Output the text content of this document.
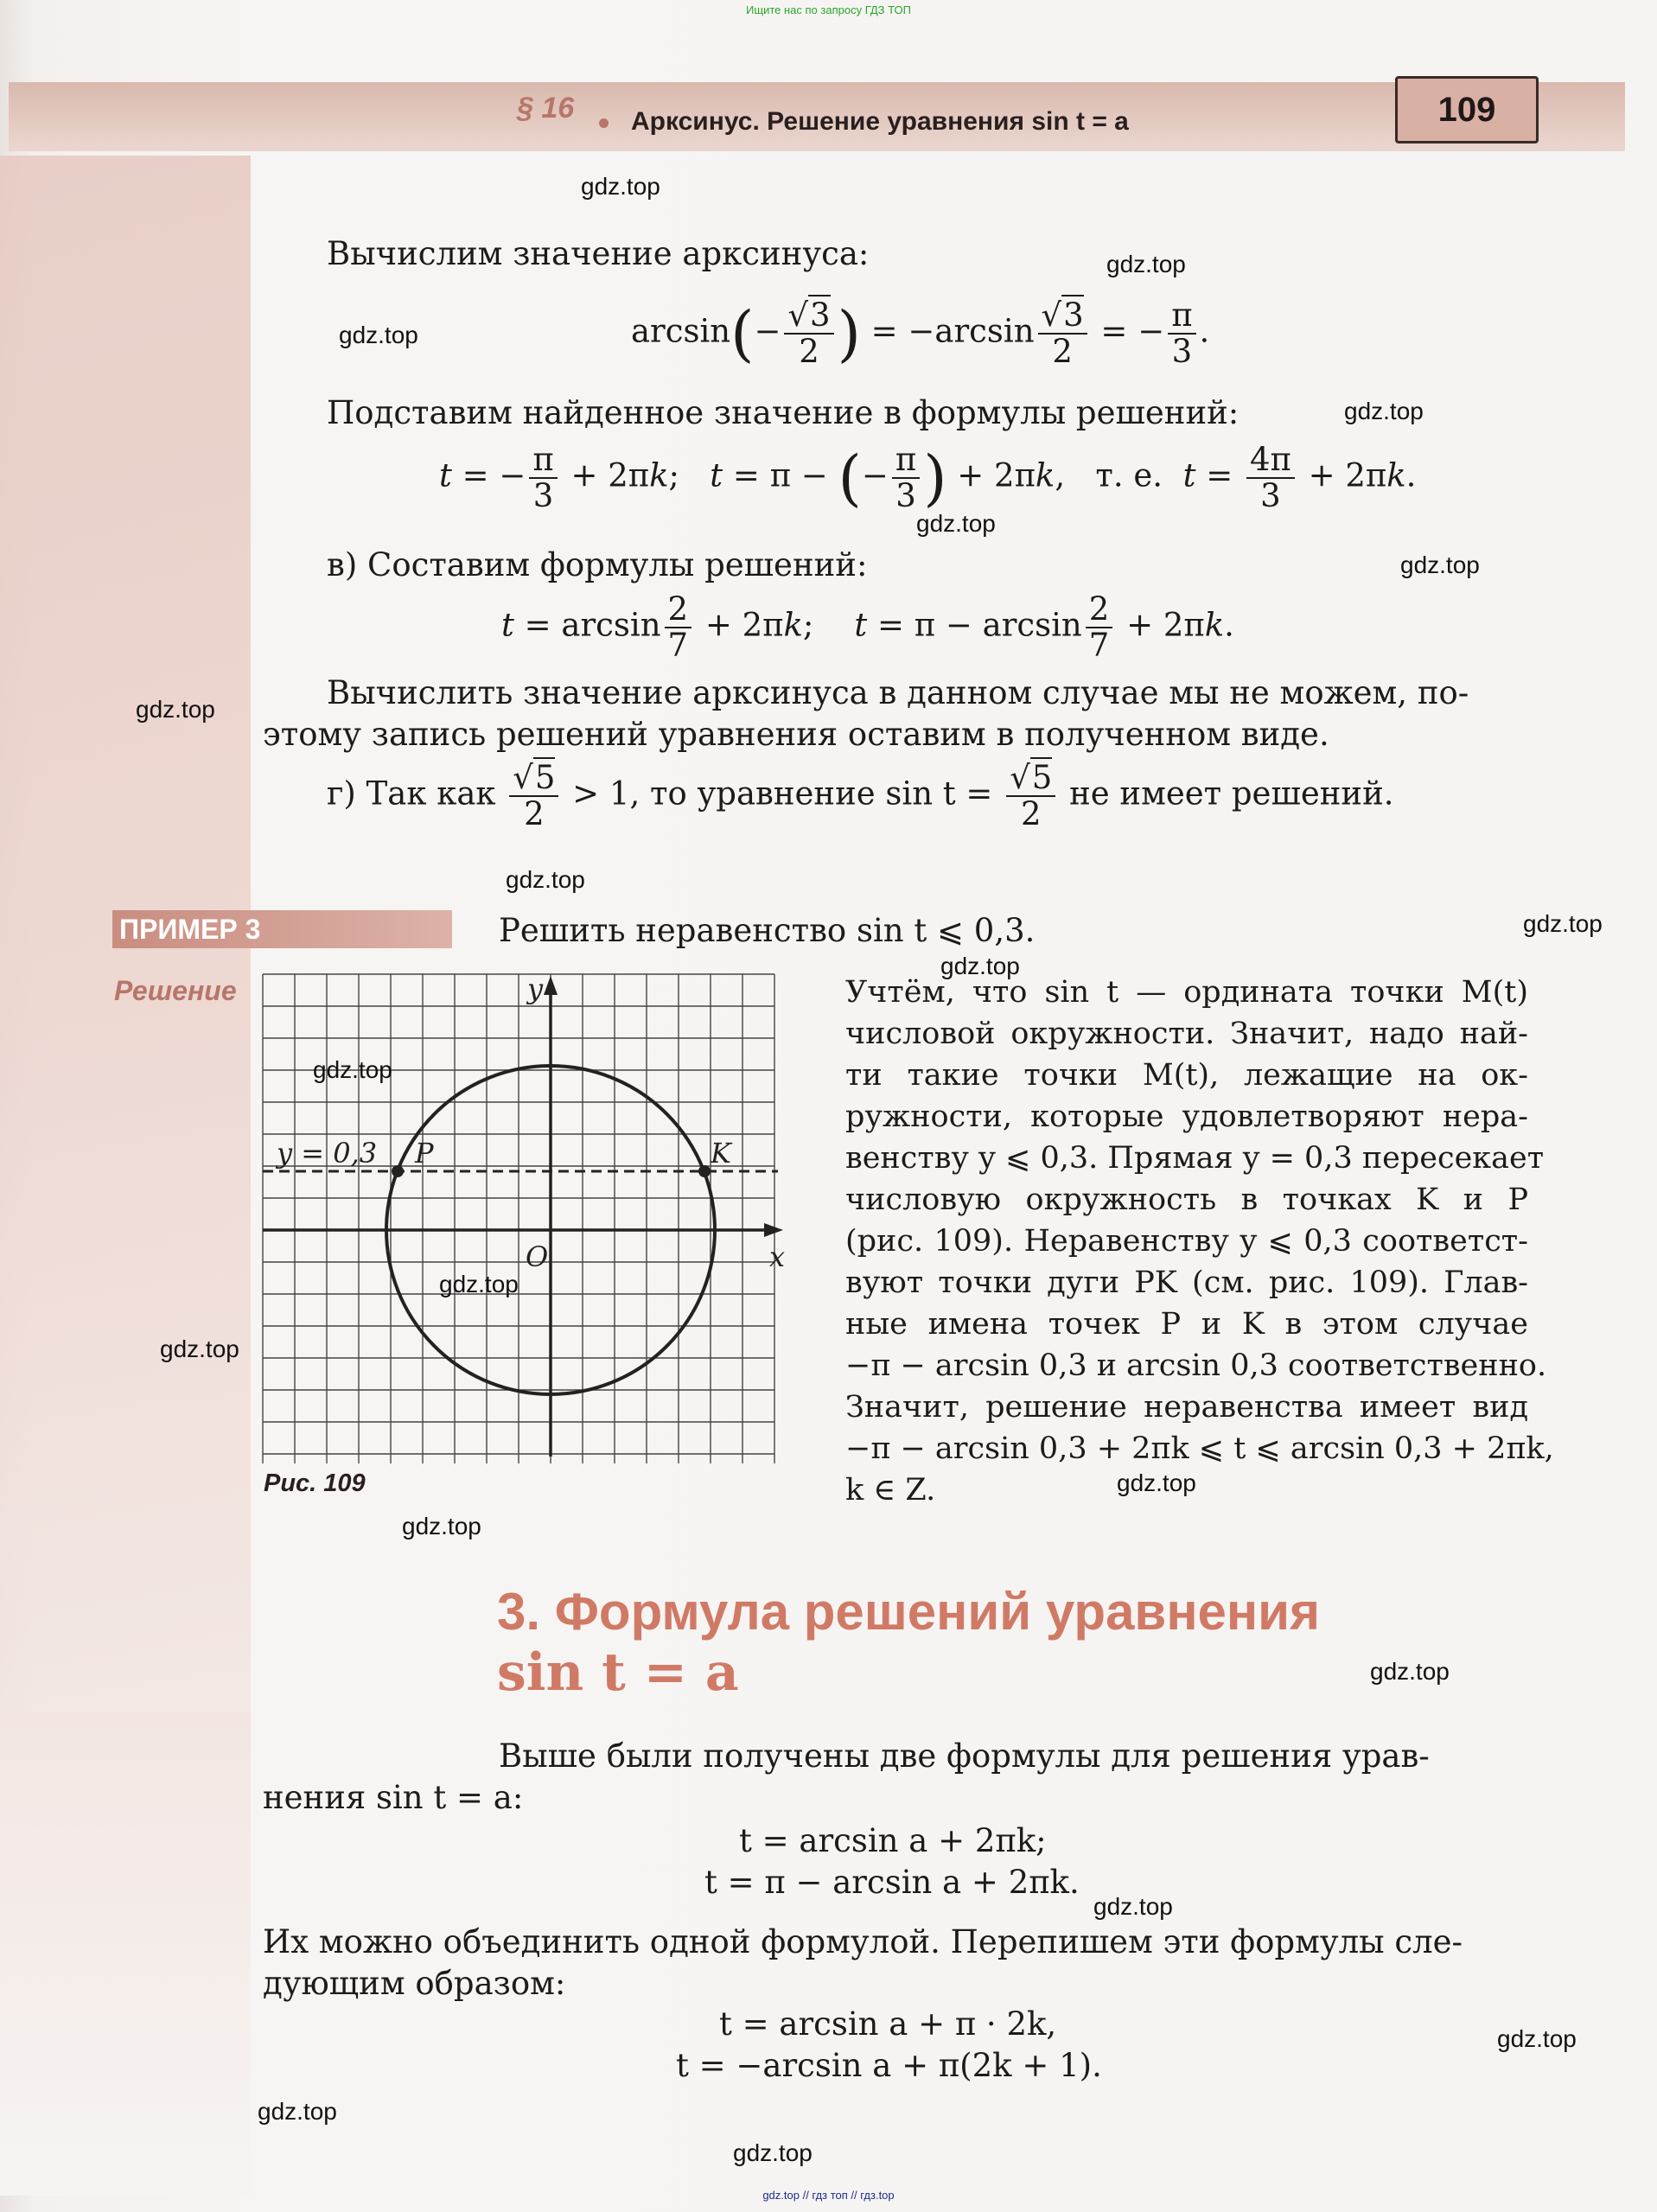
Ищите нас по запросу ГДЗ ТОП
§ 16 Арксинус. Решение уравнения sin t = a	109
Вычислим значение арксинуса:
$\arcsin(- \frac{√3}{2}$ ) = $-\arcsin \frac{√3}{2}$ = − $\frac{\pi}{3}$ .
Подставим найденное значение в формулы решений:
t = − $\frac{\pi}{3} + 2\pi k$;   t = π − (− $\frac{\pi}{3}$ ) + 2πk,   т. е. $t = \frac{4\pi}{3} + 2\pi k$.
в) Составим формулы решений:
$t = \arcsin \frac{2}{7} + 2\pi k$;    $t = \pi - \arcsin \frac{2}{7} + 2\pi k$.
Вычислить значение арксинуса в данном случае мы не можем, по-
этому запись решений уравнения оставим в полученном виде.
г) Так как $\frac{√5}{2} > 1$, то уравнение $\sin t = \frac{√5}{2}$ не имеет решений.
ПРИМЕР 3	Решить неравенство sin t ⩽ 0,3.
Решение
y = 0,3 P	K
O	x
y
Рис. 109
Учтём, что sin t — ордината точки M(t)
числовой окружности. Значит, надо най-
ти такие точки M(t), лежащие на ок-
ружности, которые удовлетворяют нера-
венству y ⩽ 0,3. Прямая y = 0,3 пересекает
числовую окружность в точках K и P
(рис. 109). Неравенству y ⩽ 0,3 соответст-
вуют точки дуги PK (см. рис. 109). Глав-
ные имена точек P и K в этом случае
−π − arcsin 0,3 и arcsin 0,3 соответственно.
Значит, решение неравенства имеет вид
−π − arcsin 0,3 + 2πk ⩽ t ⩽ arcsin 0,3 + 2πk,
k ∈ Z.
3. Формула решений уравнения
sin t = a
Выше были получены две формулы для решения урав-
нения sin t = a:
t = arcsin a + 2πk;
t = π − arcsin a + 2πk.
Их можно объединить одной формулой. Перепишем эти формулы сле-
дующим образом:
t = arcsin a + π · 2k,
t = −arcsin a + π(2k + 1).
gdz.top
gdz.top
gdz.top
gdz.top
gdz.top
gdz.top
gdz.top
gdz.top
gdz.top
gdz.top
gdz.top
gdz.top
gdz.top
gdz.top
gdz.top
gdz.top
gdz.top
gdz.top
gdz.top
gdz.top
gdz.top // гдз топ // гдз.top
